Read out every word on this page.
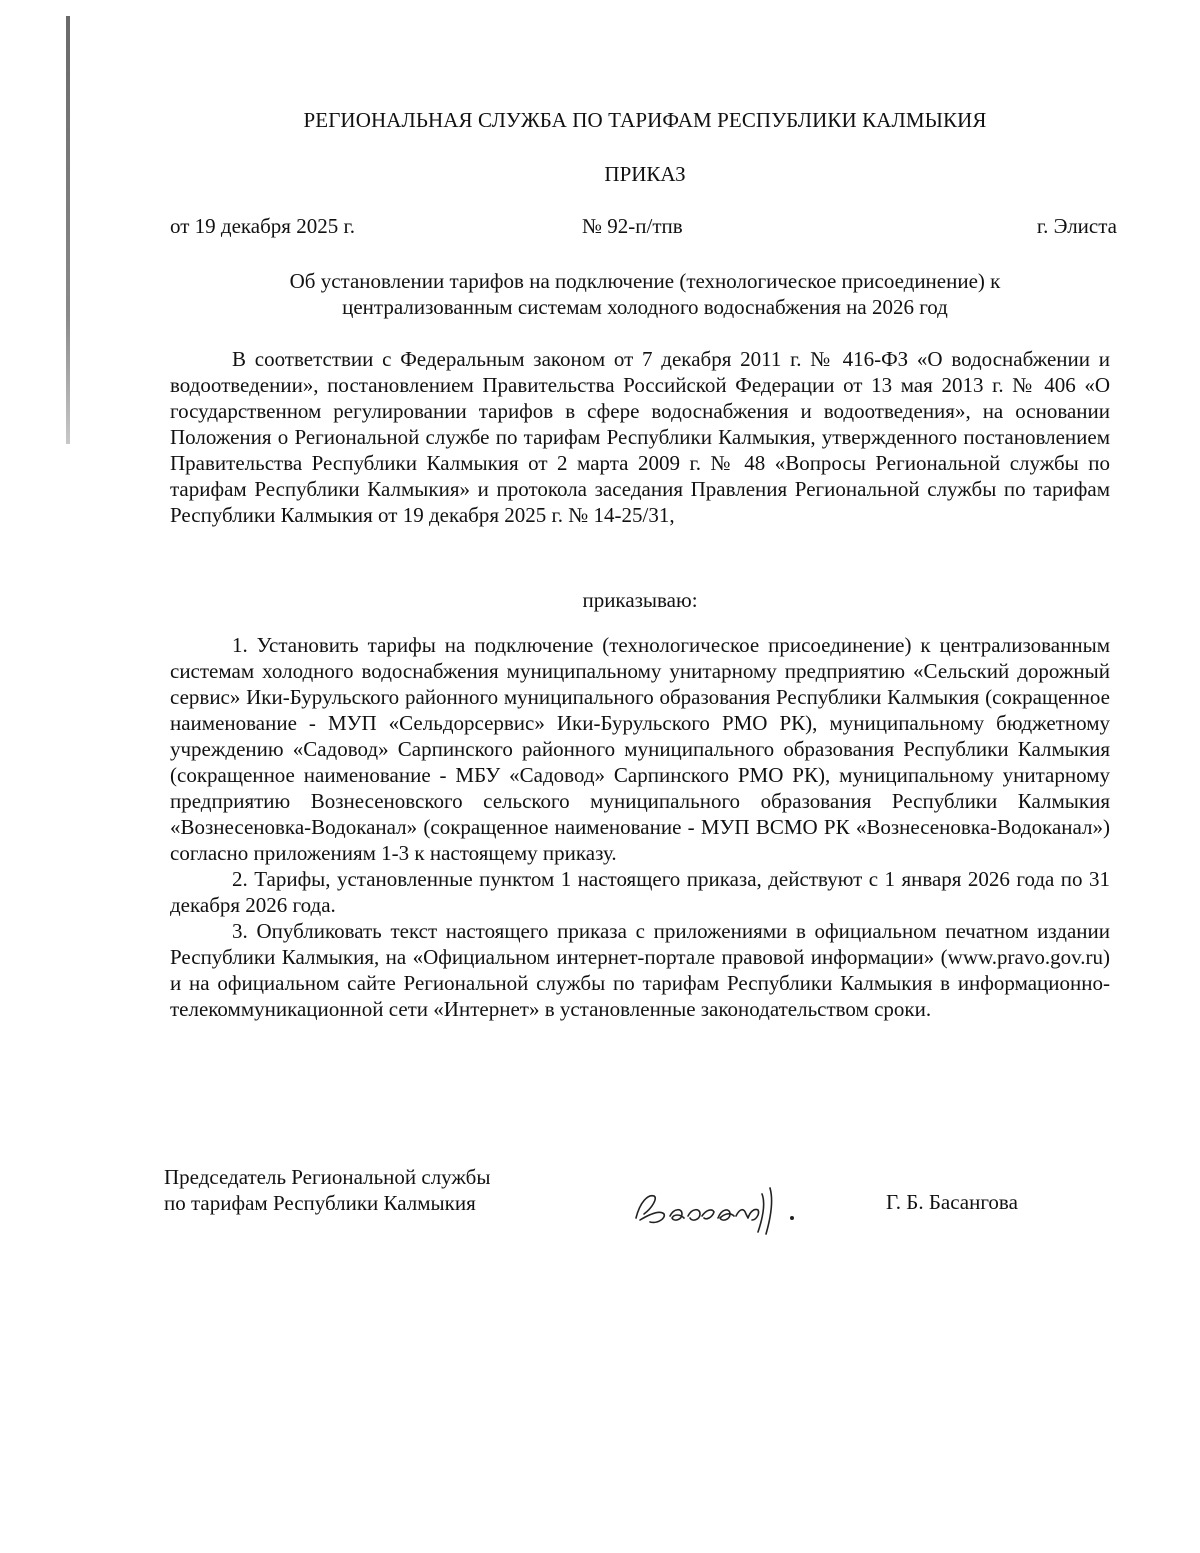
РЕГИОНАЛЬНАЯ СЛУЖБА ПО ТАРИФАМ РЕСПУБЛИКИ КАЛМЫКИЯ
ПРИКАЗ
от 19 декабря 2025 г.	№ 92-п/тпв	г. Элиста
Об установлении тарифов на подключение (технологическое присоединение) к
централизованным системам холодного водоснабжения на 2026 год

В соответствии с Федеральным законом от 7 декабря 2011 г. № 416-ФЗ «О водоснабжении и водоотведении», постановлением Правительства Российской Федерации от 13 мая 2013 г. № 406 «О государственном регулировании тарифов в сфере водоснабжения и водоотведения», на основании Положения о Региональной службе по тарифам Республики Калмыкия, утвержденного постановлением Правительства Республики Калмыкия от 2 марта 2009 г. № 48 «Вопросы Региональной службы по тарифам Республики Калмыкия» и протокола заседания Правления Региональной службы по тарифам Республики Калмыкия от 19 декабря 2025 г. № 14-25/31,

приказываю:

1. Установить тарифы на подключение (технологическое присоединение) к централизованным системам холодного водоснабжения муниципальному унитарному предприятию «Сельский дорожный сервис» Ики-Бурульского районного муниципального образования Республики Калмыкия (сокращенное наименование - МУП «Сельдорсервис» Ики-Бурульского РМО РК), муниципальному бюджетному учреждению «Садовод» Сарпинского районного муниципального образования Республики Калмыкия (сокращенное наименование - МБУ «Садовод» Сарпинского РМО РК), муниципальному унитарному предприятию Вознесеновского сельского муниципального образования Республики Калмыкия «Вознесеновка-Водоканал» (сокращенное наименование - МУП ВСМО РК «Вознесеновка-Водоканал») согласно приложениям 1-3 к настоящему приказу.

2. Тарифы, установленные пунктом 1 настоящего приказа, действуют с 1 января 2026 года по 31 декабря 2026 года.

3. Опубликовать текст настоящего приказа с приложениями в официальном печатном издании Республики Калмыкия, на «Официальном интернет-портале правовой информации» (www.pravo.gov.ru) и на официальном сайте Региональной службы по тарифам Республики Калмыкия в информационно-телекоммуникационной сети «Интернет» в установленные законодательством сроки.

Председатель Региональной службы
по тарифам Республики Калмыкия	Г. Б. Басангова
